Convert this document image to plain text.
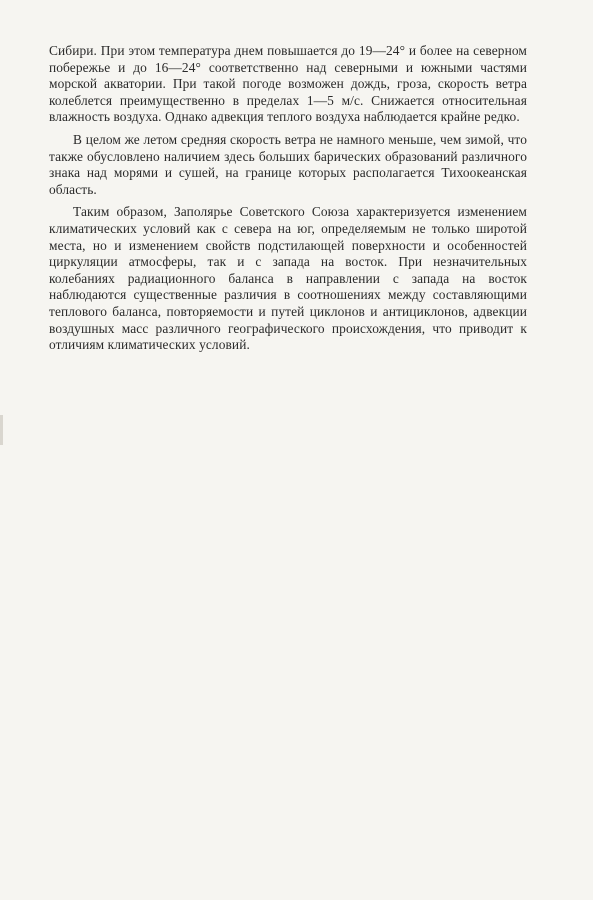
Сибири. При этом температура днем повышается до 19—24° и более на северном побережье и до 16—24° соответственно над северными и южными частями морской акватории. При такой погоде возможен дождь, гроза, скорость ветра колеблется преимущественно в пределах 1—5 м/с. Снижается относительная влажность воздуха. Однако адвекция теплого воздуха наблюдается крайне редко.

В целом же летом средняя скорость ветра не намного меньше, чем зимой, что также обусловлено наличием здесь больших барических образований различного знака над морями и сушей, на границе которых располагается Тихоокеанская область.

Таким образом, Заполярье Советского Союза характеризуется изменением климатических условий как с севера на юг, определяемым не только широтой места, но и изменением свойств подстилающей поверхности и особенностей циркуляции атмосферы, так и с запада на восток. При незначительных колебаниях радиационного баланса в направлении с запада на восток наблюдаются существенные различия в соотношениях между составляющими теплового баланса, повторяемости и путей циклонов и антициклонов, адвекции воздушных масс различного географического происхождения, что приводит к отличиям климатических условий.
